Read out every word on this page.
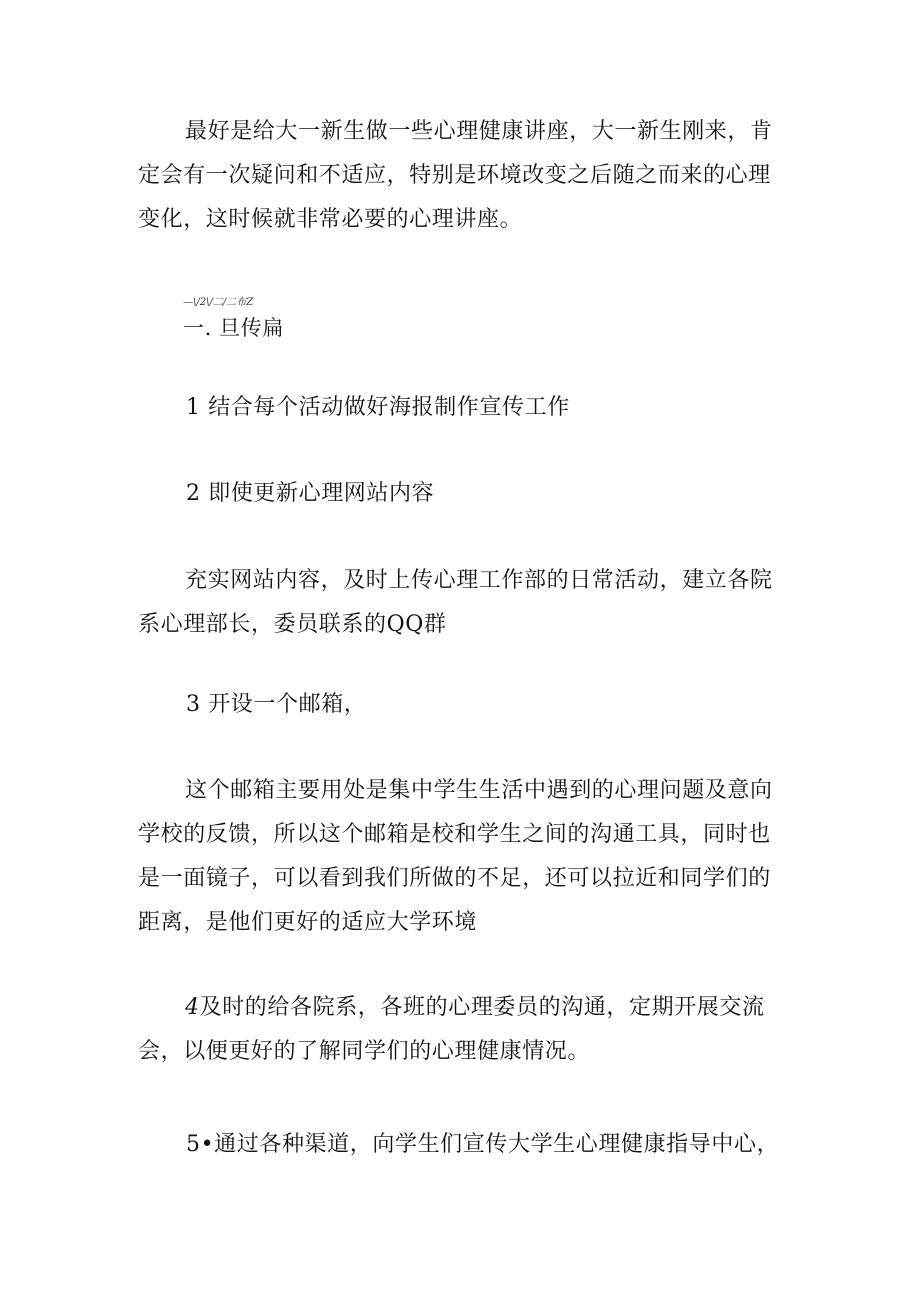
最好是给大一新生做一些心理健康讲座，大一新生刚来，肯定会有一次疑问和不适应，特别是环境改变之后随之而来的心理变化，这时候就非常必要的心理讲座。

—\/2\/二/二布Z
一. 旦传扁
1 结合每个活动做好海报制作宣传工作
2 即使更新心理网站内容

充实网站内容，及时上传心理工作部的日常活动，建立各院系心理部长，委员联系的QQ群

3 开设一个邮箱，

这个邮箱主要用处是集中学生生活中遇到的心理问题及意向学校的反馈，所以这个邮箱是校和学生之间的沟通工具，同时也是一面镜子，可以看到我们所做的不足，还可以拉近和同学们的距离，是他们更好的适应大学环境

4及时的给各院系，各班的心理委员的沟通，定期开展交流会，以便更好的了解同学们的心理健康情况。

5•通过各种渠道，向学生们宣传大学生心理健康指导中心，
